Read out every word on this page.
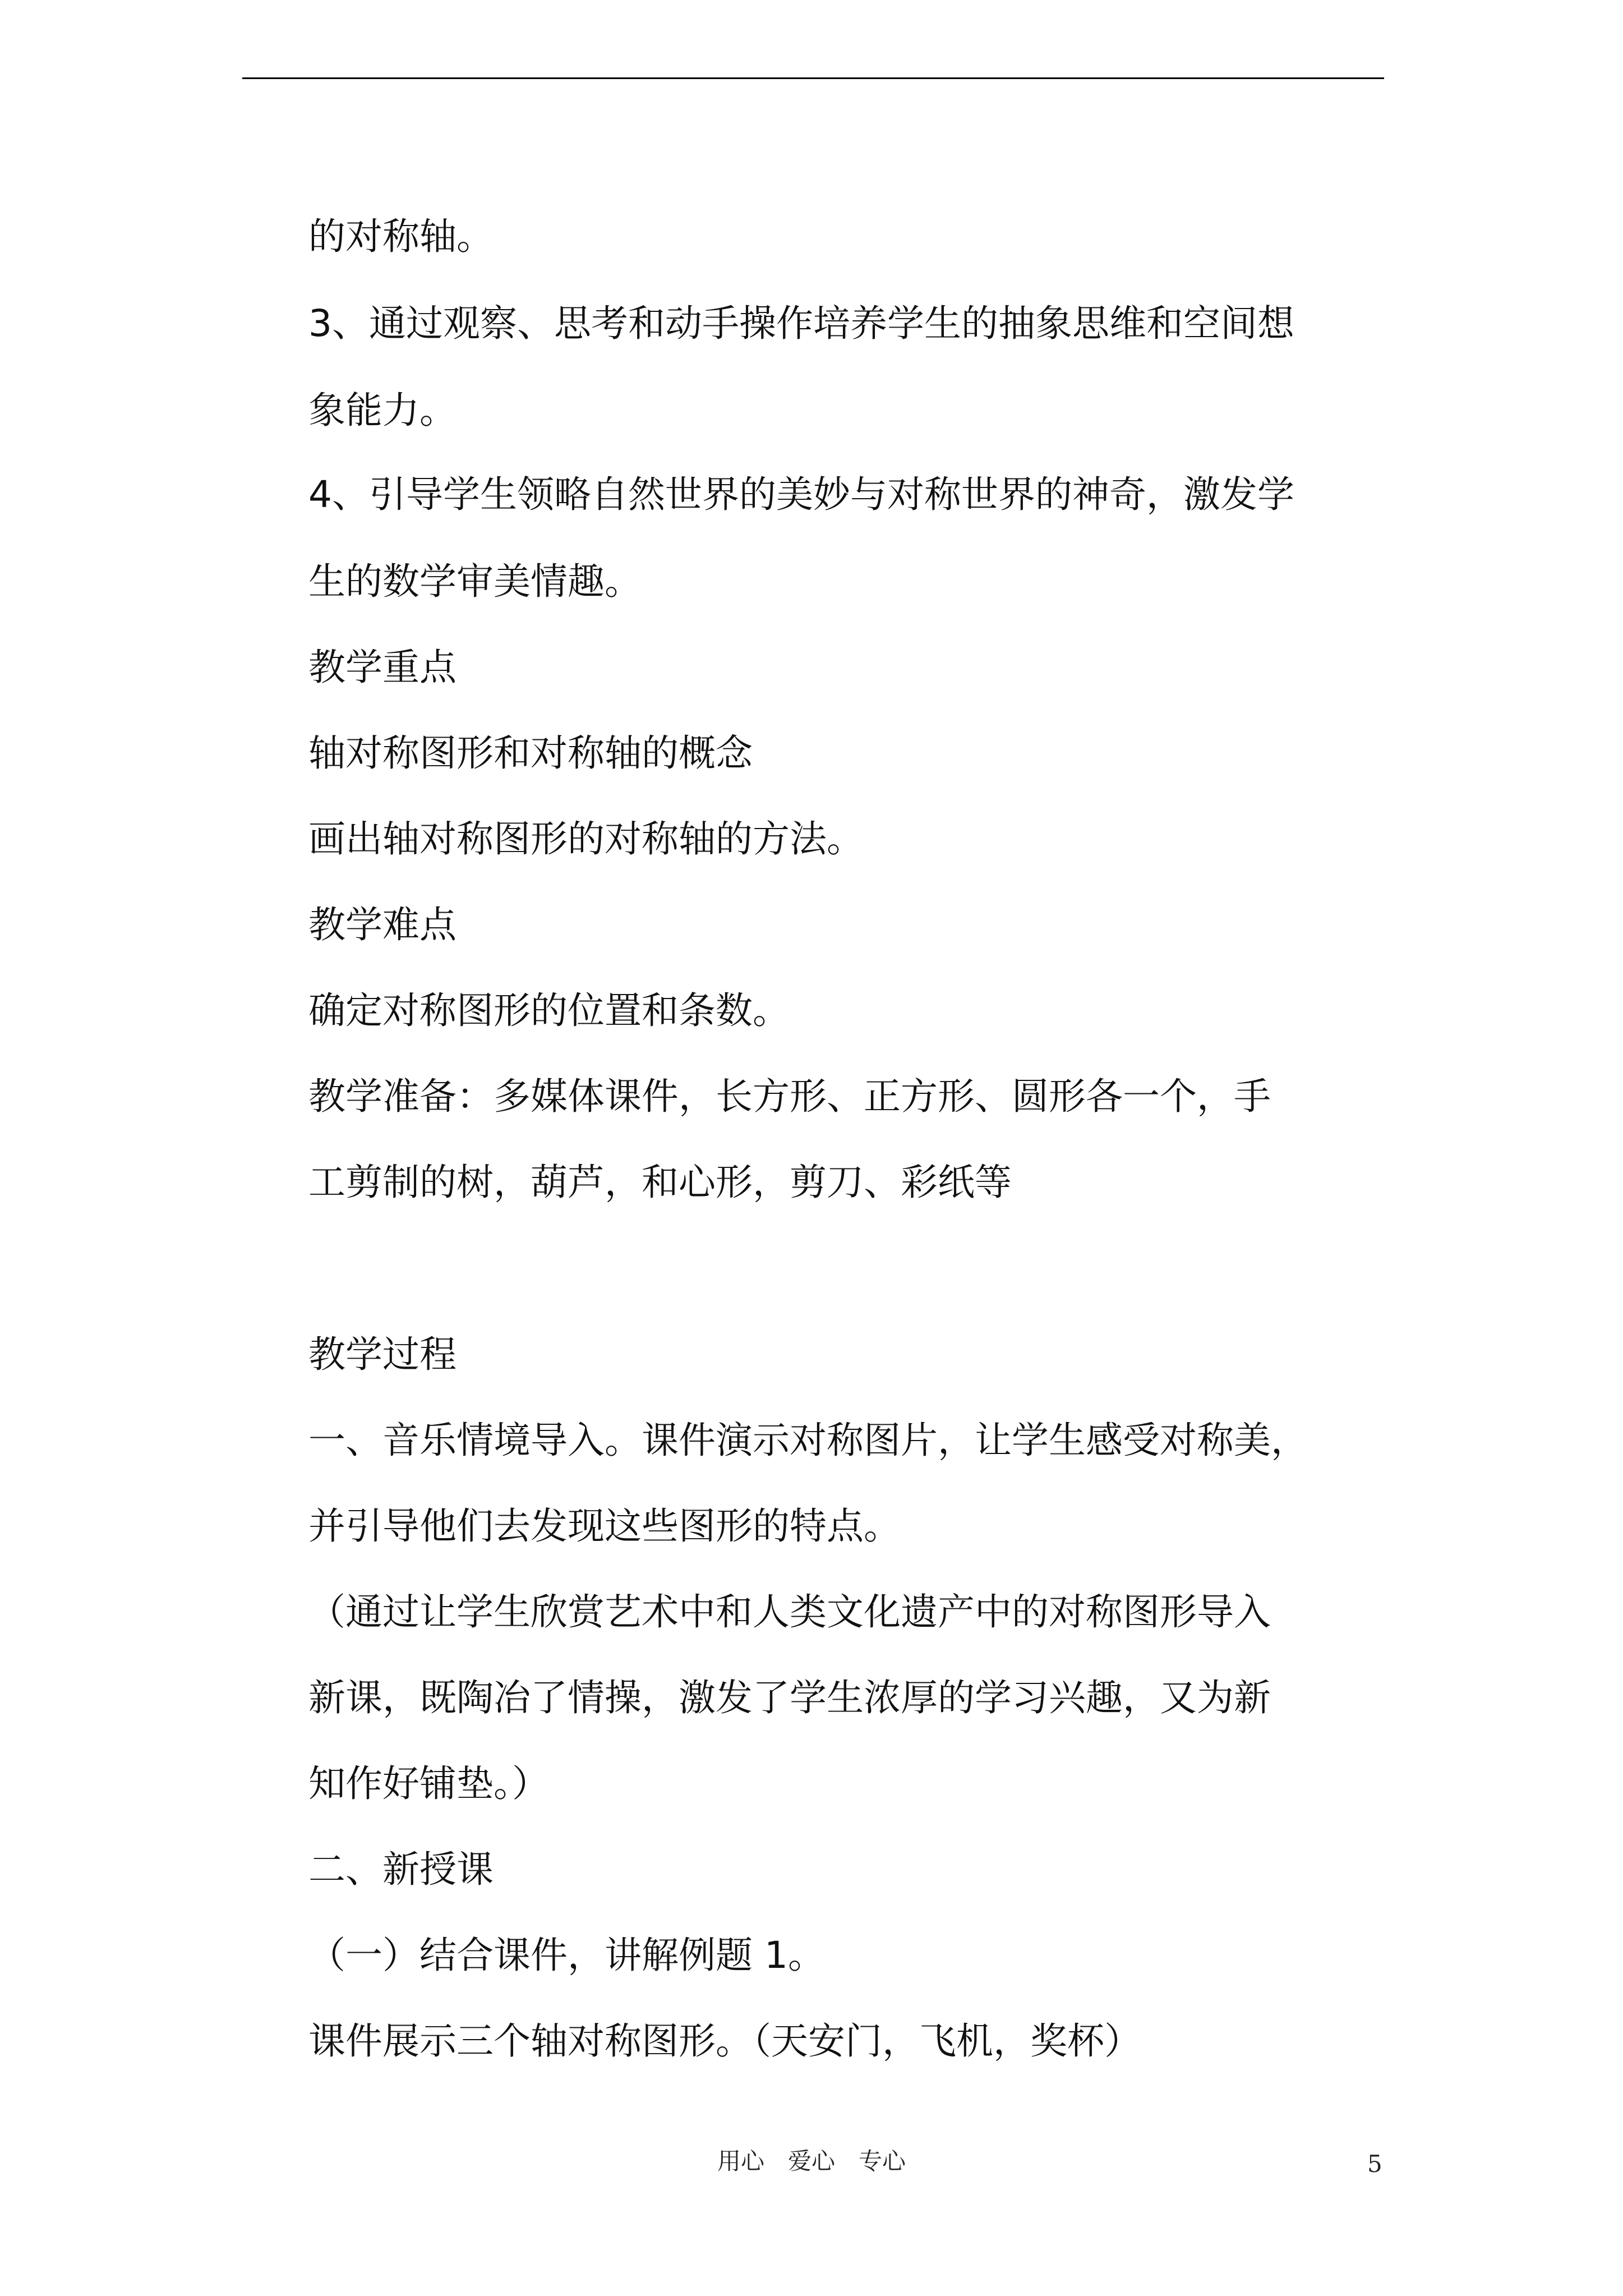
的对称轴。
3、通过观察、思考和动手操作培养学生的抽象思维和空间想
象能力。
4、引导学生领略自然世界的美妙与对称世界的神奇，激发学
生的数学审美情趣。
教学重点
轴对称图形和对称轴的概念
画出轴对称图形的对称轴的方法。
教学难点
确定对称图形的位置和条数。
教学准备：多媒体课件，长方形、正方形、圆形各一个，手
工剪制的树，葫芦，和心形，剪刀、彩纸等
教学过程
一、音乐情境导入。课件演示对称图片，让学生感受对称美，
并引导他们去发现这些图形的特点。
（通过让学生欣赏艺术中和人类文化遗产中的对称图形导入
新课，既陶冶了情操，激发了学生浓厚的学习兴趣，又为新
知作好铺垫。）
二、新授课
（一）结合课件，讲解例题 1。
课件展示三个轴对称图形。（天安门，飞机，奖杯）
用心　爱心　专心	5
